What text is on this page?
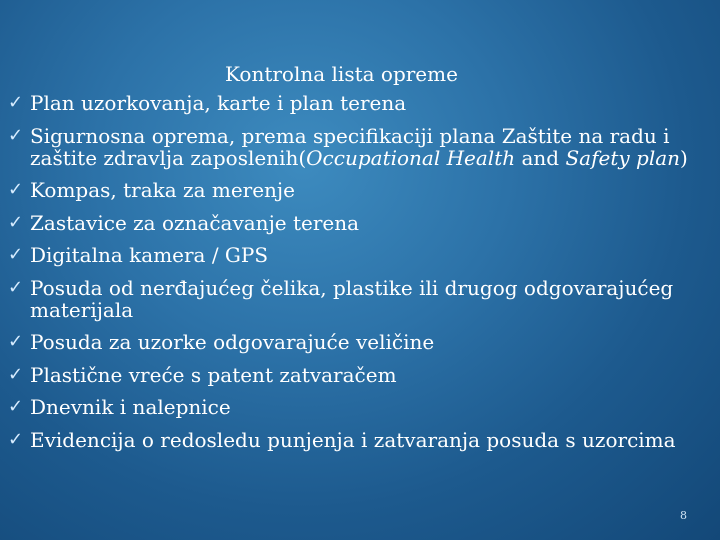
Kontrolna lista opreme
✓ Plan uzorkovanja, karte i plan terena
✓ Sigurnosna oprema, prema specifikaciji plana Zaštite na radu i zaštite zdravlja zaposlenih(Occupational Health and Safety plan)
✓ Kompas, traka za merenje
✓ Zastavice za označavanje terena
✓ Digitalna kamera / GPS
✓ Posuda od nerđajućeg čelika, plastike ili drugog odgovarajućeg materijala
✓ Posuda za uzorke odgovarajuće veličine
✓ Plastične vreće s patent zatvaračem
✓ Dnevnik i nalepnice
✓ Evidencija o redosledu punjenja i zatvaranja posuda s uzorcima
8
